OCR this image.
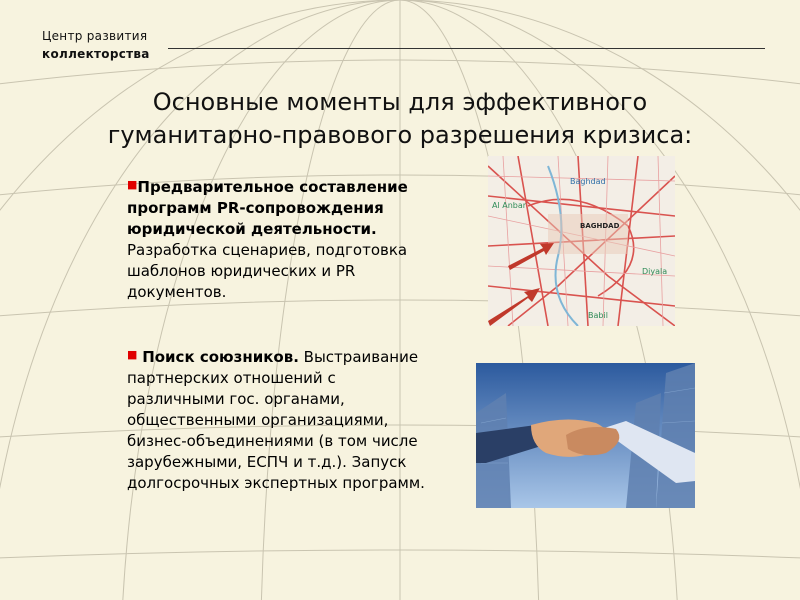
Центр развития
коллекторства
Основные моменты для эффективного
гуманитарно-правового разрешения кризиса:
■Предварительное составление программ PR-сопровождения юридической деятельности. Разработка сценариев, подготовка шаблонов юридических и PR документов.
■ Поиск союзников. Выстраивание партнерских отношений с различными гос. органами, общественными организациями, бизнес-объединениями (в том числе зарубежными, ЕСПЧ и т.д.). Запуск долгосрочных экспертных программ.
Baghdad
BAGHDAD
Al Anbar
Diyala
Babil
